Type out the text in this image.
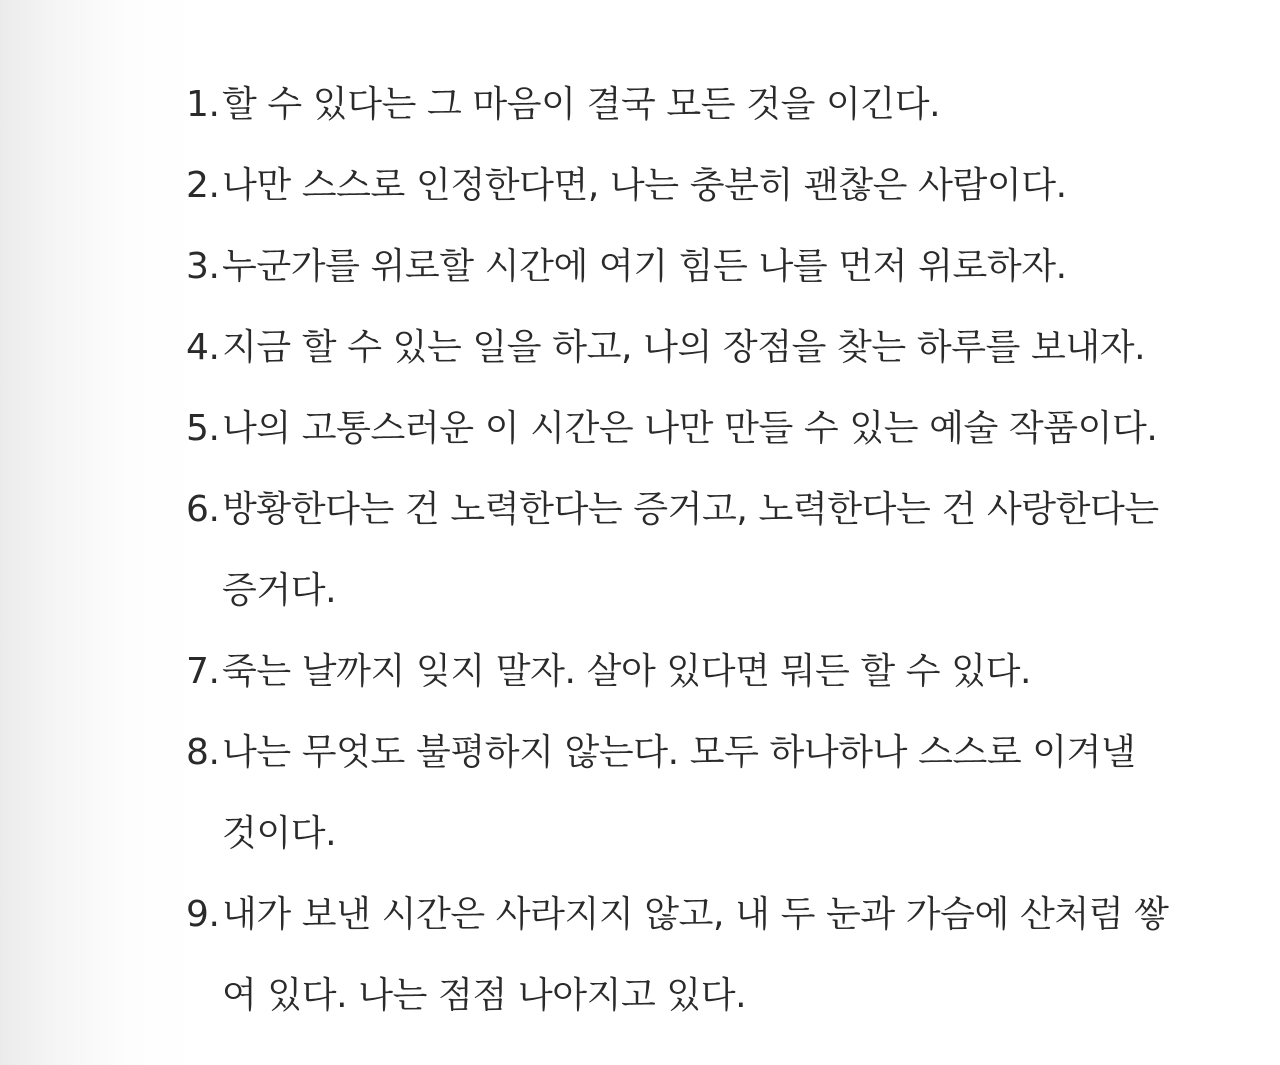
1.할 수 있다는 그 마음이 결국 모든 것을 이긴다.
2.나만 스스로 인정한다면, 나는 충분히 괜찮은 사람이다.
3.누군가를 위로할 시간에 여기 힘든 나를 먼저 위로하자.
4.지금 할 수 있는 일을 하고, 나의 장점을 찾는 하루를 보내자.
5.나의 고통스러운 이 시간은 나만 만들 수 있는 예술 작품이다.
6.방황한다는 건 노력한다는 증거고, 노력한다는 건 사랑한다는
증거다.
7.죽는 날까지 잊지 말자. 살아 있다면 뭐든 할 수 있다.
8.나는 무엇도 불평하지 않는다. 모두 하나하나 스스로 이겨낼
것이다.
9.내가 보낸 시간은 사라지지 않고, 내 두 눈과 가슴에 산처럼 쌓
여 있다. 나는 점점 나아지고 있다.
